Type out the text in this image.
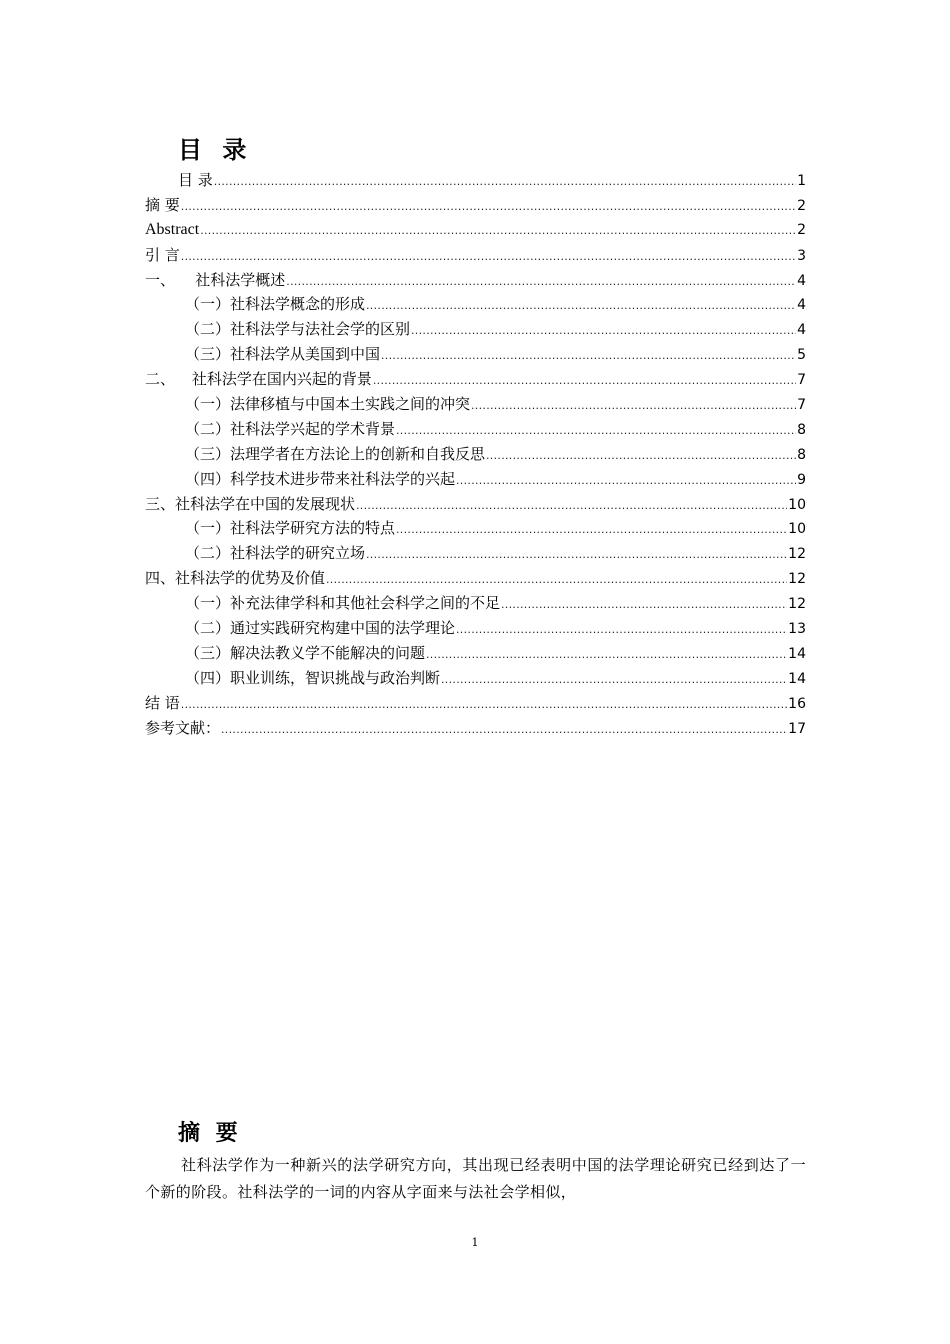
目 录
目 录 .....	1
摘 要 .....	2
Abstract .....	2
引 言 .....	3
一、 社科法学概述 .....	4
（一）社科法学概念的形成 .....	4
（二）社科法学与法社会学的区别 .....	4
（三）社科法学从美国到中国 .....	5
二、 社科法学在国内兴起的背景 .....	7
（一）法律移植与中国本土实践之间的冲突 .....	7
（二）社科法学兴起的学术背景 .....	8
（三）法理学者在方法论上的创新和自我反思 .....	8
（四）科学技术进步带来社科法学的兴起 .....	9
三、社科法学在中国的发展现状 .....	10
（一）社科法学研究方法的特点 .....	10
（二）社科法学的研究立场 .....	12
四、社科法学的优势及价值 .....	12
（一）补充法律学科和其他社会科学之间的不足 .....	12
（二）通过实践研究构建中国的法学理论 .....	13
（三）解决法教义学不能解决的问题 .....	14
（四）职业训练，智识挑战与政治判断 .....	14
结 语 .....	16
参考文献： .....	17
摘 要

社科法学作为一种新兴的法学研究方向，其出现已经表明中国的法学理论研究已经到达了一个新的阶段。社科法学的一词的内容从字面来与法社会学相似，

1
